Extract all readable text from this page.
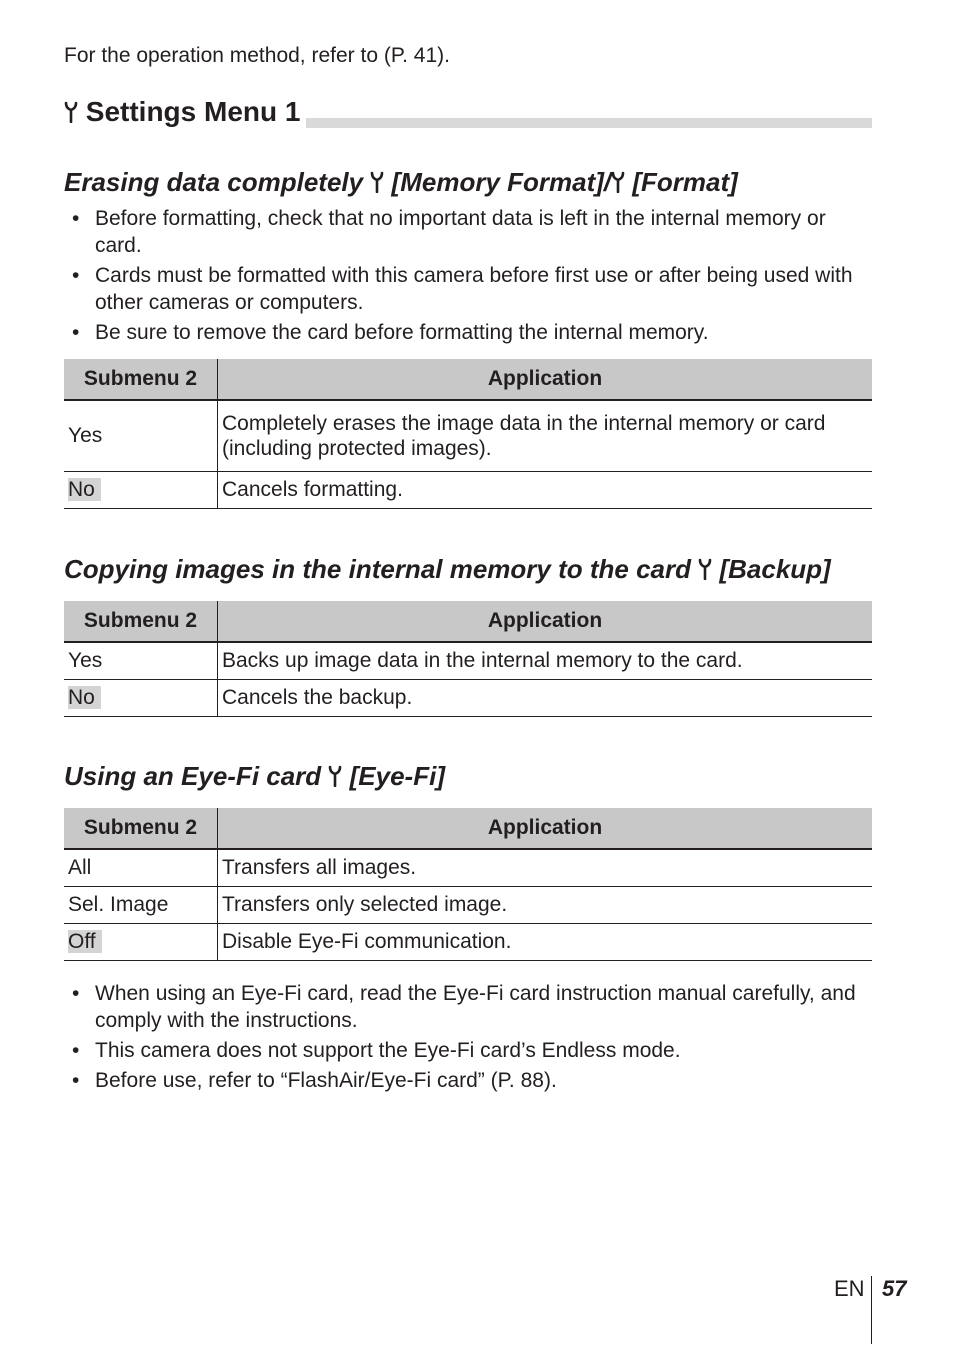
For the operation method, refer to (P. 41).
Settings Menu 1
Erasing data completely  [Memory Format]/ [Format]
• Before formatting, check that no important data is left in the internal memory or card.
• Cards must be formatted with this camera before first use or after being used with other cameras or computers.
• Be sure to remove the card before formatting the internal memory.
Submenu 2	Application
Yes	Completely erases the image data in the internal memory or card (including protected images).
No	Cancels formatting.
Copying images in the internal memory to the card  [Backup]
Submenu 2	Application
Yes	Backs up image data in the internal memory to the card.
No	Cancels the backup.
Using an Eye-Fi card  [Eye-Fi]
Submenu 2	Application
All	Transfers all images.
Sel. Image	Transfers only selected image.
Off	Disable Eye-Fi communication.
• When using an Eye-Fi card, read the Eye-Fi card instruction manual carefully, and comply with the instructions.
• This camera does not support the Eye-Fi card’s Endless mode.
• Before use, refer to “FlashAir/Eye-Fi card” (P. 88).
EN 57
